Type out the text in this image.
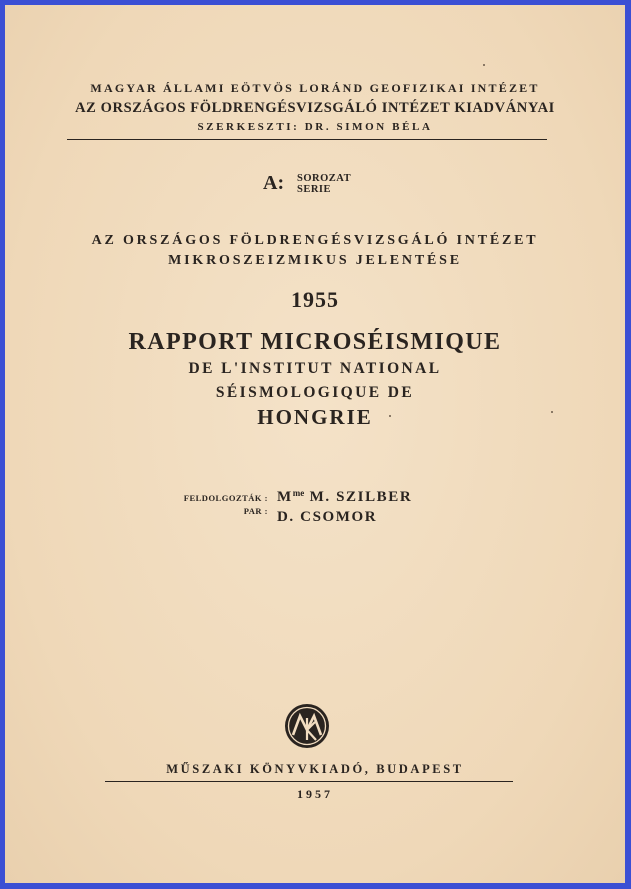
MAGYAR ÁLLAMI EÖTVÖS LORÁND GEOFIZIKAI INTÉZET
AZ ORSZÁGOS FÖLDRENGÉSVIZSGÁLÓ INTÉZET KIADVÁNYAI
SZERKESZTI: DR. SIMON BÉLA
A: SOROZAT
SERIE
AZ ORSZÁGOS FÖLDRENGÉSVIZSGÁLÓ INTÉZET
MIKROSZEIZMIKUS JELENTÉSE
1955
RAPPORT MICROSÉISMIQUE
DE L'INSTITUT NATIONAL
SÉISMOLOGIQUE DE
HONGRIE
FELDOLGOZTÁK :
PAR :
$M^{me}$ M. SZILBER
D. CSOMOR
MŰSZAKI KÖNYVKIADÓ, BUDAPEST
1957
